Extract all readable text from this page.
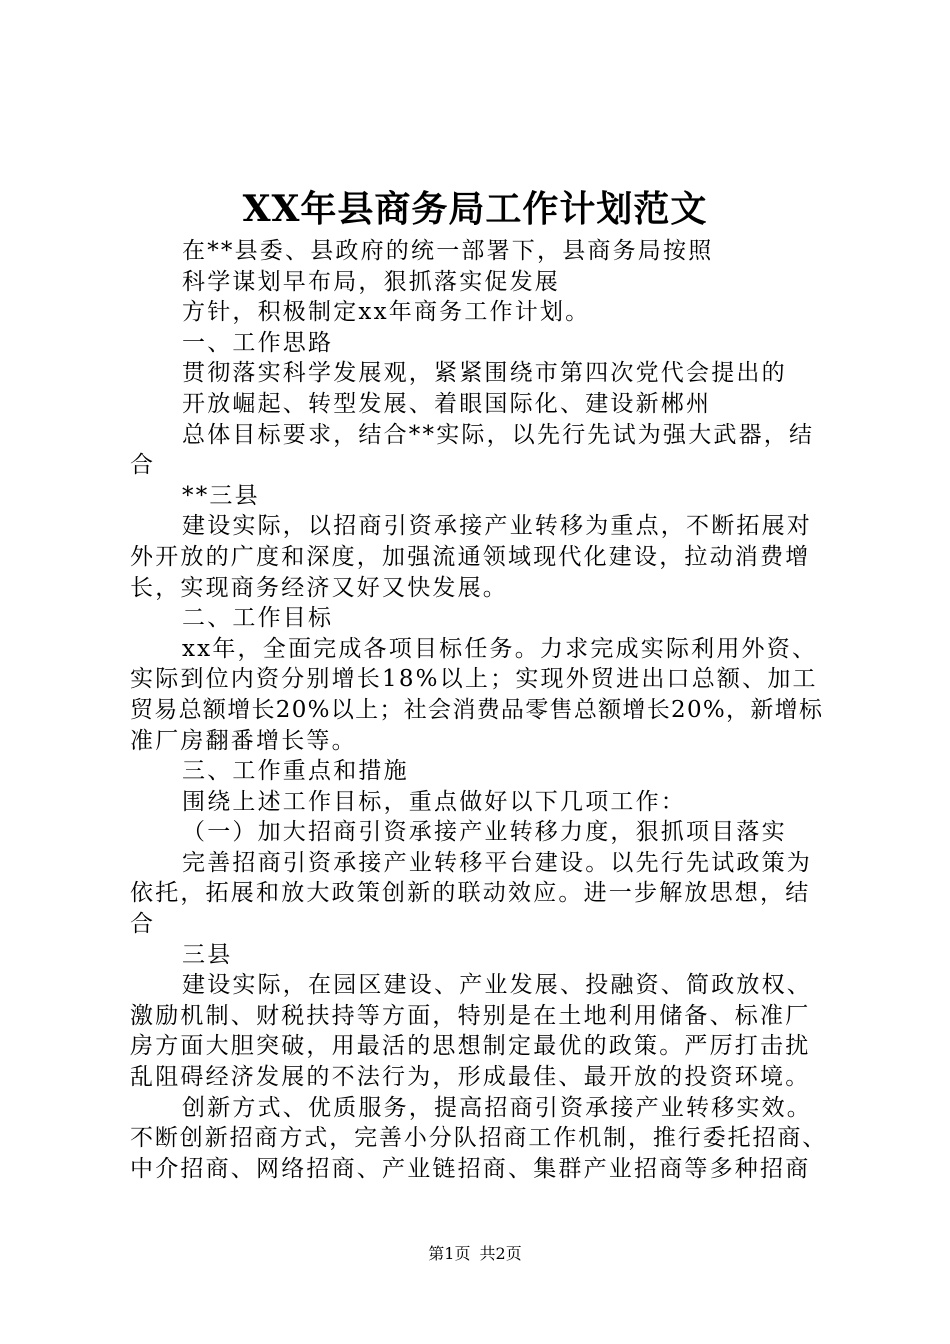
XX年县商务局工作计划范文
在**县委、县政府的统一部署下，县商务局按照
科学谋划早布局，狠抓落实促发展
方针，积极制定xx年商务工作计划。
一、工作思路
贯彻落实科学发展观，紧紧围绕市第四次党代会提出的
开放崛起、转型发展、着眼国际化、建设新郴州
总体目标要求，结合**实际，以先行先试为强大武器，结
合
**三县
建设实际，以招商引资承接产业转移为重点，不断拓展对
外开放的广度和深度，加强流通领域现代化建设，拉动消费增
长，实现商务经济又好又快发展。
二、工作目标
xx年，全面完成各项目标任务。力求完成实际利用外资、
实际到位内资分别增长18%以上；实现外贸进出口总额、加工
贸易总额增长20%以上；社会消费品零售总额增长20%，新增标
准厂房翻番增长等。
三、工作重点和措施
围绕上述工作目标，重点做好以下几项工作：
（一）加大招商引资承接产业转移力度，狠抓项目落实
完善招商引资承接产业转移平台建设。以先行先试政策为
依托，拓展和放大政策创新的联动效应。进一步解放思想，结
合
三县
建设实际，在园区建设、产业发展、投融资、简政放权、
激励机制、财税扶持等方面，特别是在土地利用储备、标准厂
房方面大胆突破，用最活的思想制定最优的政策。严厉打击扰
乱阻碍经济发展的不法行为，形成最佳、最开放的投资环境。
创新方式、优质服务，提高招商引资承接产业转移实效。
不断创新招商方式，完善小分队招商工作机制，推行委托招商、
中介招商、网络招商、产业链招商、集群产业招商等多种招商
第1页 共2页
